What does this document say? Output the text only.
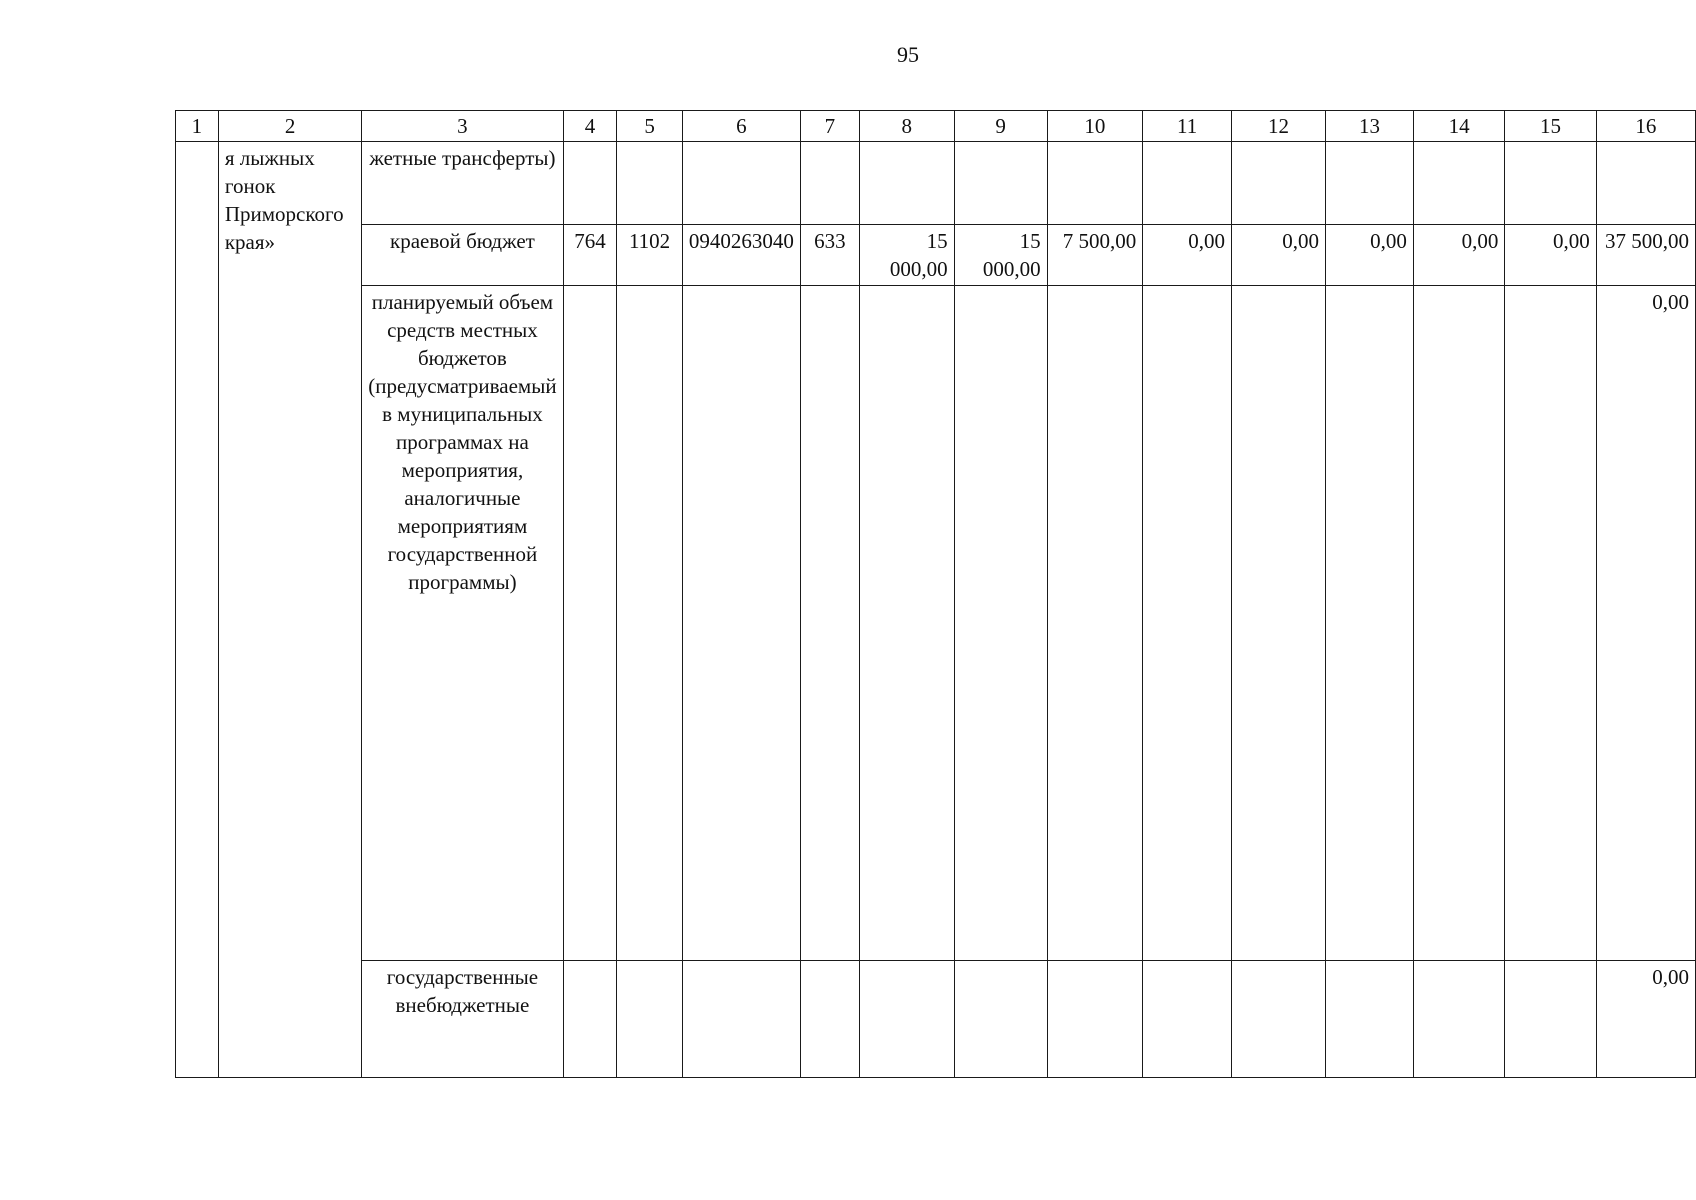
95
1	2	3	4	5	6	7	8	9	10	11	12	13	14	15	16
	я лыжных гонок Приморского края»	жетные трансферты)													
		краевой бюджет	764	1102	0940263040	633	15 000,00	15 000,00	7 500,00	0,00	0,00	0,00	0,00	0,00	37 500,00
		планируемый объем средств местных бюджетов (предусматриваемый в муниципальных программах на мероприятия, аналогичные мероприятиям государственной программы)													0,00
		государственные внебюджетные													0,00
